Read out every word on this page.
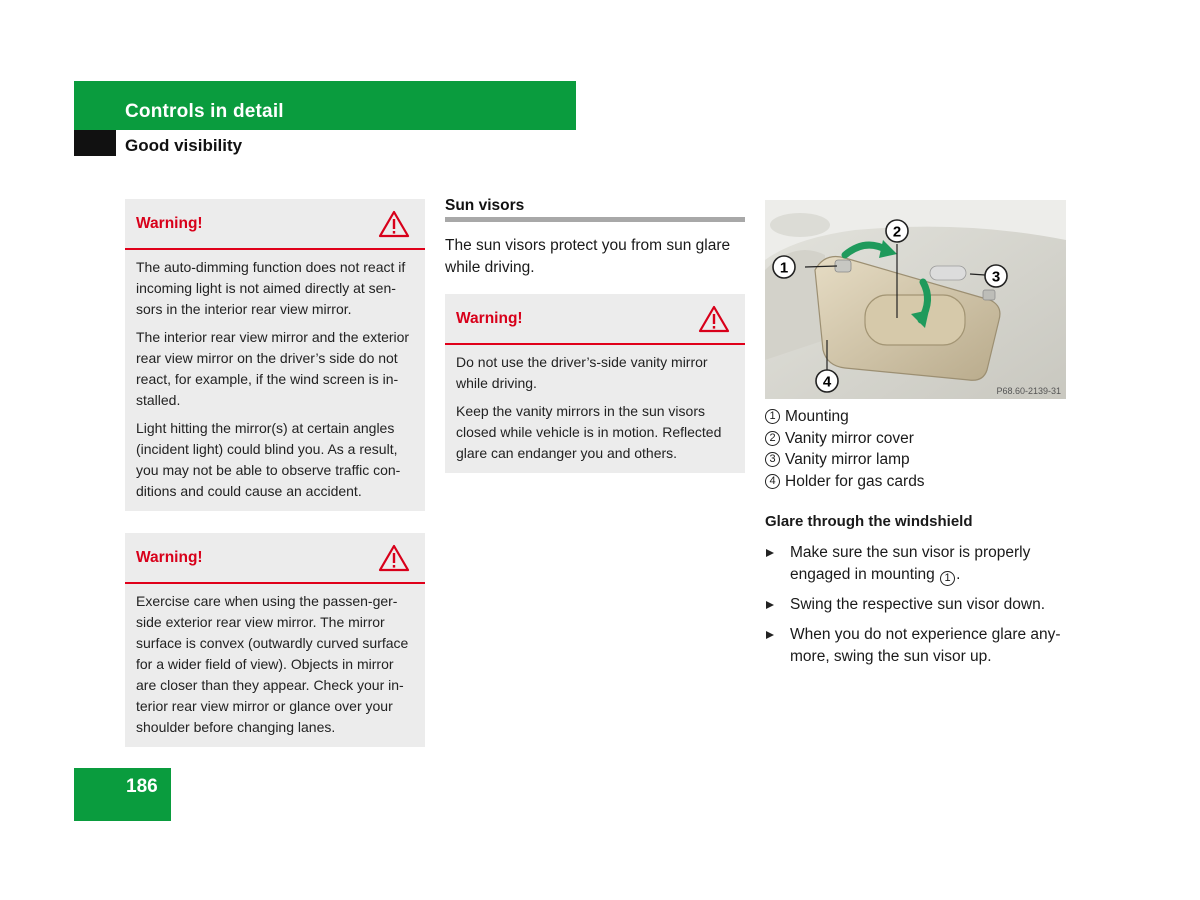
Controls in detail
Good visibility
Warning!

The auto-dimming function does not react if incoming light is not aimed directly at sen-sors in the interior rear view mirror.

The interior rear view mirror and the exterior rear view mirror on the driver’s side do not react, for example, if the wind screen is in-stalled.

Light hitting the mirror(s) at certain angles (incident light) could blind you. As a result, you may not be able to observe traffic con-ditions and could cause an accident.

Warning!

Exercise care when using the passen-ger-side exterior rear view mirror. The mirror surface is convex (outwardly curved surface for a wider field of view). Objects in mirror are closer than they appear. Check your in-terior rear view mirror or glance over your shoulder before changing lanes.

Sun visors

The sun visors protect you from sun glare while driving.

Warning!

Do not use the driver’s-side vanity mirror while driving.

Keep the vanity mirrors in the sun visors closed while vehicle is in motion. Reflected glare can endanger you and others.

1
2
3
4
P68.60-2139-31
1 Mounting
2 Vanity mirror cover
3 Vanity mirror lamp
4 Holder for gas cards
Glare through the windshield
Make sure the sun visor is properly engaged in mounting 1 .
Swing the respective sun visor down.
When you do not experience glare any-more, swing the sun visor up.
186
